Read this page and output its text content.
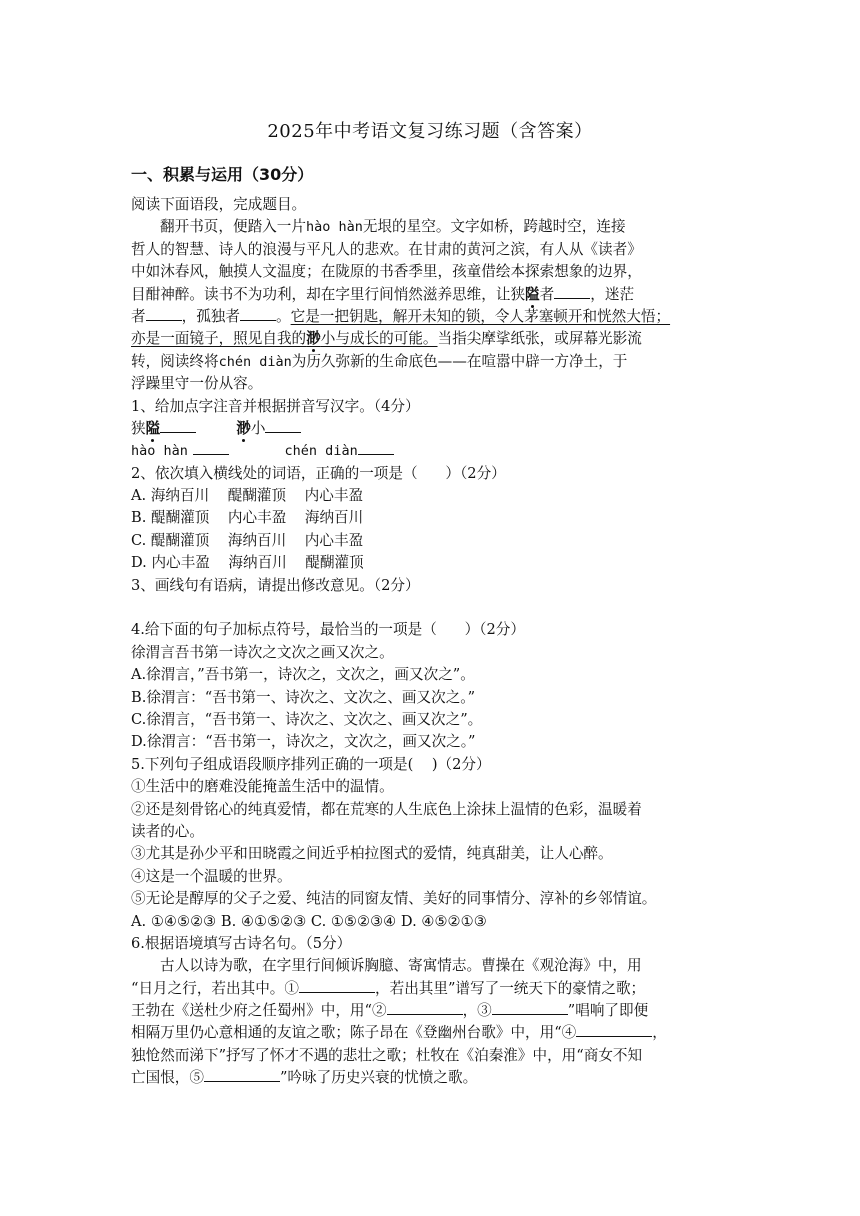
2025年中考语文复习练习题（含答案）
一、积累与运用（30分）
阅读下面语段，完成题目。
翻开书页，便踏入一片hào hàn无垠的星空。文字如桥，跨越时空，连接
哲人的智慧、诗人的浪漫与平凡人的悲欢。在甘肃的黄河之滨，有人从《读者》
中如沐春风，触摸人文温度；在陇原的书香季里，孩童借绘本探索想象的边界，
目酣神醉。读书不为功利，却在字里行间悄然滋养思维，让狭隘者 ，迷茫
者 ，孤独者 。它是一把钥匙，解开未知的锁，令人茅塞顿开和恍然大悟；
亦是一面镜子，照见自我的渺小与成长的可能。当指尖摩挲纸张，或屏幕光影流
转，阅读终将chén diàn为历久弥新的生命底色——在喧嚣中辟一方净土，于
浮躁里守一份从容。
1、给加点字注音并根据拼音写汉字。（4分）
狭隘	渺小
hào hàn	chén diàn
2、依次填入横线处的词语，正确的一项是（      ）（2分）
A. 海纳百川    醍醐灌顶    内心丰盈
B. 醍醐灌顶    内心丰盈    海纳百川
C. 醍醐灌顶    海纳百川    内心丰盈
D. 内心丰盈    海纳百川    醍醐灌顶
3、画线句有语病，请提出修改意见。（2分）
4.给下面的句子加标点符号，最恰当的一项是（      ）（2分）
徐渭言吾书第一诗次之文次之画又次之。
A.徐渭言，”吾书第一，诗次之，文次之，画又次之”。
B.徐渭言：“吾书第一、诗次之、文次之、画又次之。”
C.徐渭言，“吾书第一、诗次之、文次之、画又次之”。
D.徐渭言：“吾书第一，诗次之，文次之，画又次之。”
5.下列句子组成语段顺序排列正确的一项是(    )（2分）
①生活中的磨难没能掩盖生活中的温情。
②还是刻骨铭心的纯真爱情，都在荒寒的人生底色上涂抹上温情的色彩，温暖着
读者的心。
③尤其是孙少平和田晓霞之间近乎柏拉图式的爱情，纯真甜美，让人心醉。
④这是一个温暖的世界。
⑤无论是醇厚的父子之爱、纯洁的同窗友情、美好的同事情分、淳补的乡邻情谊。
A. ①④⑤②③ B. ④①⑤②③ C. ①⑤②③④ D. ④⑤②①③
6.根据语境填写古诗名句。（5分）
古人以诗为歌，在字里行间倾诉胸臆、寄寓情志。曹操在《观沧海》中，用
“日月之行，若出其中。①	，若出其里”谱写了一统天下的豪情之歌；
王勃在《送杜少府之任蜀州》中，用“②	，③	”唱响了即便
相隔万里仍心意相通的友谊之歌；陈子昂在《登幽州台歌》中，用“④	，
独怆然而涕下”抒写了怀才不遇的悲壮之歌；杜牧在《泊秦淮》中，用“商女不知
亡国恨，⑤	”吟咏了历史兴衰的忧愤之歌。
